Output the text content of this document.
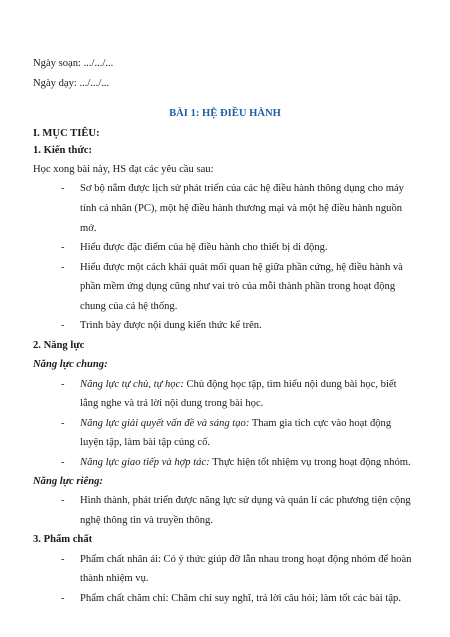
Ngày soạn: .../.../...
Ngày dạy: .../.../...
BÀI 1: HỆ ĐIỀU HÀNH
I. MỤC TIÊU:
1. Kiến thức:
Học xong bài này, HS đạt các yêu cầu sau:
- Sơ bộ nắm được lịch sử phát triển của các hệ điều hành thông dụng cho máy
tính cá nhân (PC), một hệ điều hành thương mại và một hệ điều hành nguồn
mở.
- Hiểu được đặc điểm của hệ điều hành cho thiết bị di động.
- Hiểu được một cách khái quát mối quan hệ giữa phần cứng, hệ điều hành và
phần mềm ứng dụng cũng như vai trò của mỗi thành phần trong hoạt động
chung của cả hệ thống.
- Trình bày được nội dung kiến thức kể trên.
2. Năng lực
Năng lực chung:
- Năng lực tự chủ, tự học: Chủ động học tập, tìm hiểu nội dung bài học, biết
lắng nghe và trả lời nội dung trong bài học.
- Năng lực giải quyết vấn đề và sáng tạo: Tham gia tích cực vào hoạt động
luyện tập, làm bài tập củng cố.
- Năng lực giao tiếp và hợp tác: Thực hiện tốt nhiệm vụ trong hoạt động nhóm.
Năng lực riêng:
- Hình thành, phát triển được năng lực sử dụng và quản lí các phương tiện cộng
nghệ thông tin và truyền thông.
3. Phẩm chất
- Phẩm chất nhân ái: Có ý thức giúp đỡ lẫn nhau trong hoạt động nhóm để hoàn
thành nhiệm vụ.
- Phẩm chất chăm chỉ: Chăm chỉ suy nghĩ, trả lời câu hỏi; làm tốt các bài tập.
